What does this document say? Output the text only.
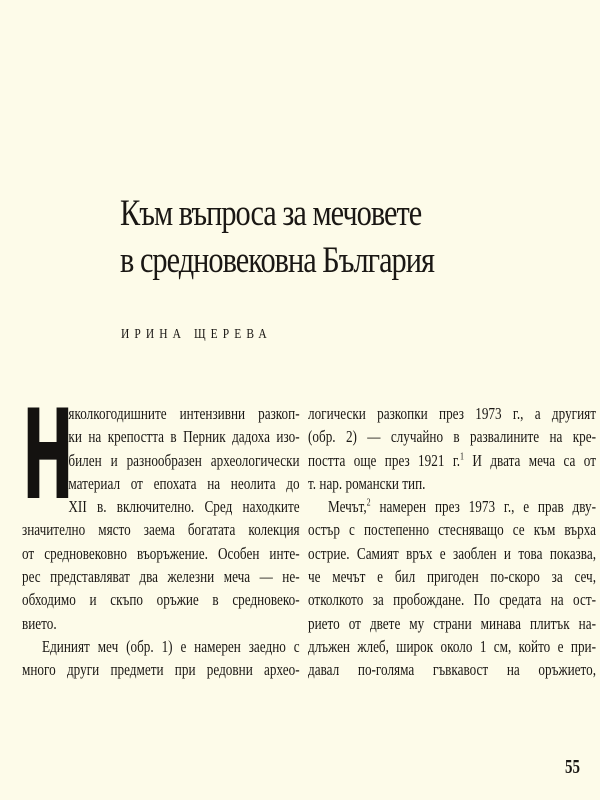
Към въпроса за мечовете
в средновековна България
ИРИНА ЩЕРЕВА
Н
яколкогодишните интензивни разкоп-
ки на крепостта в Перник дадоха изо-
билен и разнообразен археологически
материал от епохата на неолита до
XII в. включително. Сред находките
значително място заема богатата колекция
от средновековно въоръжение. Особен инте-
рес представляват два железни меча — не-
обходимо и скъпо оръжие в средновеко-
вието.
Единият меч (обр. 1) е намерен заедно с
много други предмети при редовни архео-
логически разкопки през 1973 г., а другият
(обр. 2) — случайно в развалините на кре-
постта още през 1921 г.$^1$ И двата меча са от
т. нар. романски тип.
Мечът,$^2$ намерен през 1973 г., е прав дву-
остър с постепенно стесняващо се към върха
острие. Самият връх е заоблен и това показва,
че мечът е бил пригоден по-скоро за сеч,
отколкото за пробождане. По средата на ост-
рието от двете му страни минава плитък на-
длъжен жлеб, широк около 1 см, който е при-
давал по-голяма гъвкавост на оръжието,
55
